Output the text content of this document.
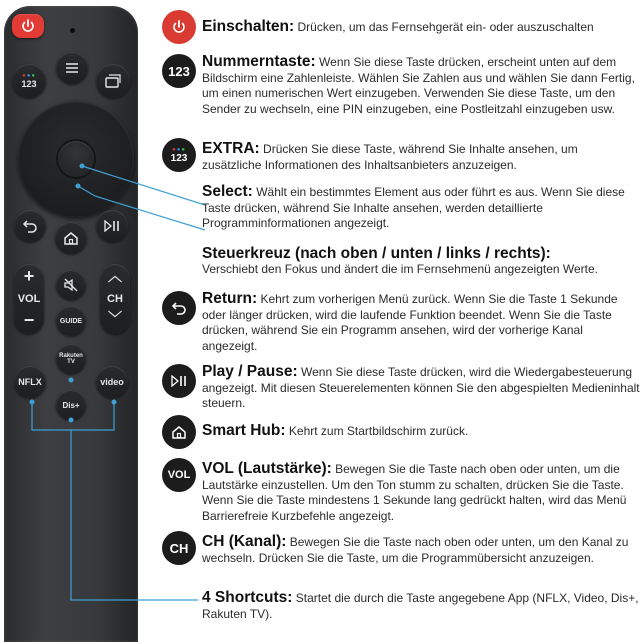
●●●
123
+
VOL
−	GUIDE
︿
CH
﹀
Rakuten TV
NFLX	video
Dis+
Einschalten: Drücken, um das Fernsehgerät ein- oder auszuschalten
123
Nummerntaste: Wenn Sie diese Taste drücken, erscheint unten auf dem Bildschirm eine Zahlenleiste. Wählen Sie Zahlen aus und wählen Sie dann Fertig, um einen numerischen Wert einzugeben. Verwenden Sie diese Taste, um den Sender zu wechseln, eine PIN einzugeben, eine Postleitzahl einzugeben usw.
●●●
123
EXTRA: Drücken Sie diese Taste, während Sie Inhalte ansehen, um zusätzliche Informationen des Inhaltsanbieters anzuzeigen.
Select: Wählt ein bestimmtes Element aus oder führt es aus. Wenn Sie diese Taste drücken, während Sie Inhalte ansehen, werden detaillierte Programminformationen angezeigt.
Steuerkreuz (nach oben / unten / links / rechts):
Verschiebt den Fokus und ändert die im Fernsehmenü angezeigten Werte.
Return: Kehrt zum vorherigen Menü zurück. Wenn Sie die Taste 1 Sekunde oder länger drücken, wird die laufende Funktion beendet. Wenn Sie die Taste drücken, während Sie ein Programm ansehen, wird der vorherige Kanal angezeigt.
Play / Pause: Wenn Sie diese Taste drücken, wird die Wiedergabesteuerung angezeigt. Mit diesen Steuerelementen können Sie den abgespielten Medieninhalt steuern.
Smart Hub: Kehrt zum Startbildschirm zurück.
VOL VOL (Lautstärke): Bewegen Sie die Taste nach oben oder unten, um die Lautstärke einzustellen. Um den Ton stumm zu schalten, drücken Sie die Taste. Wenn Sie die Taste mindestens 1 Sekunde lang gedrückt halten, wird das Menü Barrierefreie Kurzbefehle angezeigt.
CH CH (Kanal): Bewegen Sie die Taste nach oben oder unten, um den Kanal zu wechseln. Drücken Sie die Taste, um die Programmübersicht anzuzeigen.
4 Shortcuts: Startet die durch die Taste angegebene App (NFLX, Video, Dis+, Rakuten TV).
